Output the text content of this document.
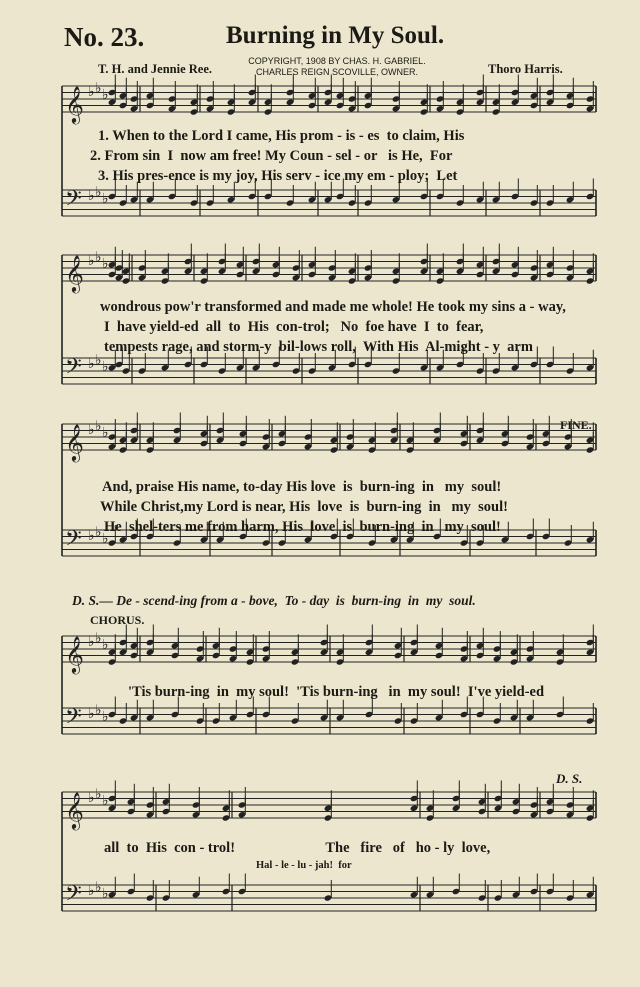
No. 23.	Burning in My Soul.
COPYRIGHT, 1908 BY CHAS. H. GABRIEL.
CHARLES REIGN SCOVILLE, OWNER.
T. H. and Jennie Ree.	Thoro Harris.
𝄞
𝄢
♭
♭
♭
♭
♭
♭
𝄞
𝄢
♭
♭
♭
♭
♭
♭
𝄞
𝄢
♭
♭
♭
♭
♭
♭
𝄞
𝄢
♭
♭
♭
♭
♭
♭
𝄞
𝄢
♭
♭
♭
♭
♭
♭
1. When to the Lord I came, His prom - is - es  to claim, His
2. From sin  I  now am free! My Coun - sel - or   is He,  For
3. His pres-ence is my joy, His serv - ice my em - ploy;  Let
wondrous pow'r transformed and made me whole! He took my sins a - way,
I  have yield-ed  all  to  His  con-trol;   No  foe have  I  to  fear,
tempests rage, and storm-y  bil-lows roll,  With His  Al-might - y  arm
FINE.
And, praise His name, to-day His love  is  burn-ing  in   my  soul!
While Christ,my Lord is near, His  love  is  burn-ing  in   my  soul!
He  shel-ters me from harm, His  love  is  burn-ing  in   my  soul!
D. S.— De - scend-ing from a - bove,  To - day  is  burn-ing  in  my  soul.
CHORUS.
'Tis burn-ing  in  my soul!  'Tis burn-ing   in  my soul!  I've yield-ed
D. S.
all  to  His  con - trol!                         The   fire   of   ho - ly  love,
Hal - le - lu - jah!  for
